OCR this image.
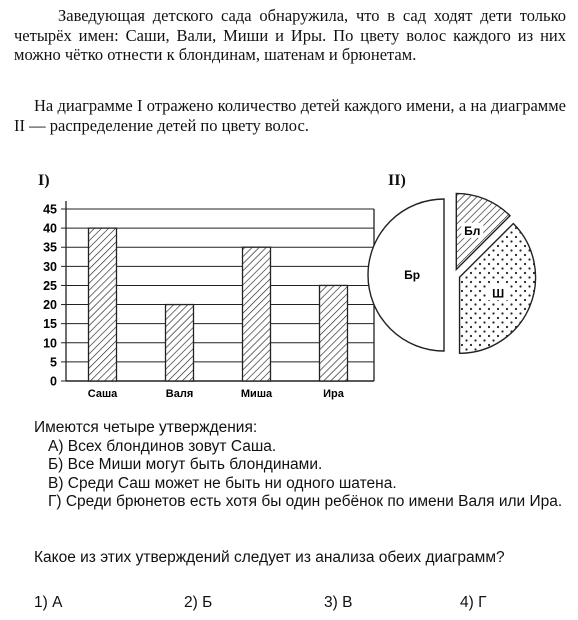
Заведующая детского сада обнаружила, что в сад ходят дети только четырёх имен: Саши, Вали, Миши и Иры. По цвету волос каждого из них можно чётко отнести к блондинам, шатенам и брюнетам.

На диаграмме I отражено количество детей каждого имени, а на диаграмме II — распределение детей по цвету волос.

I)	II)
0
5
10
15
20
25
30
35
40
45
Саша	Валя	Миша	Ира
Бр
Бл
Ш
Имеются четыре утверждения:
А) Всех блондинов зовут Саша.
Б) Все Миши могут быть блондинами.
В) Среди Саш может не быть ни одного шатена.
Г) Среди брюнетов есть хотя бы один ребёнок по имени Валя или Ира.

Какое из этих утверждений следует из анализа обеих диаграмм?

1) А	2) Б	3) В	4) Г
